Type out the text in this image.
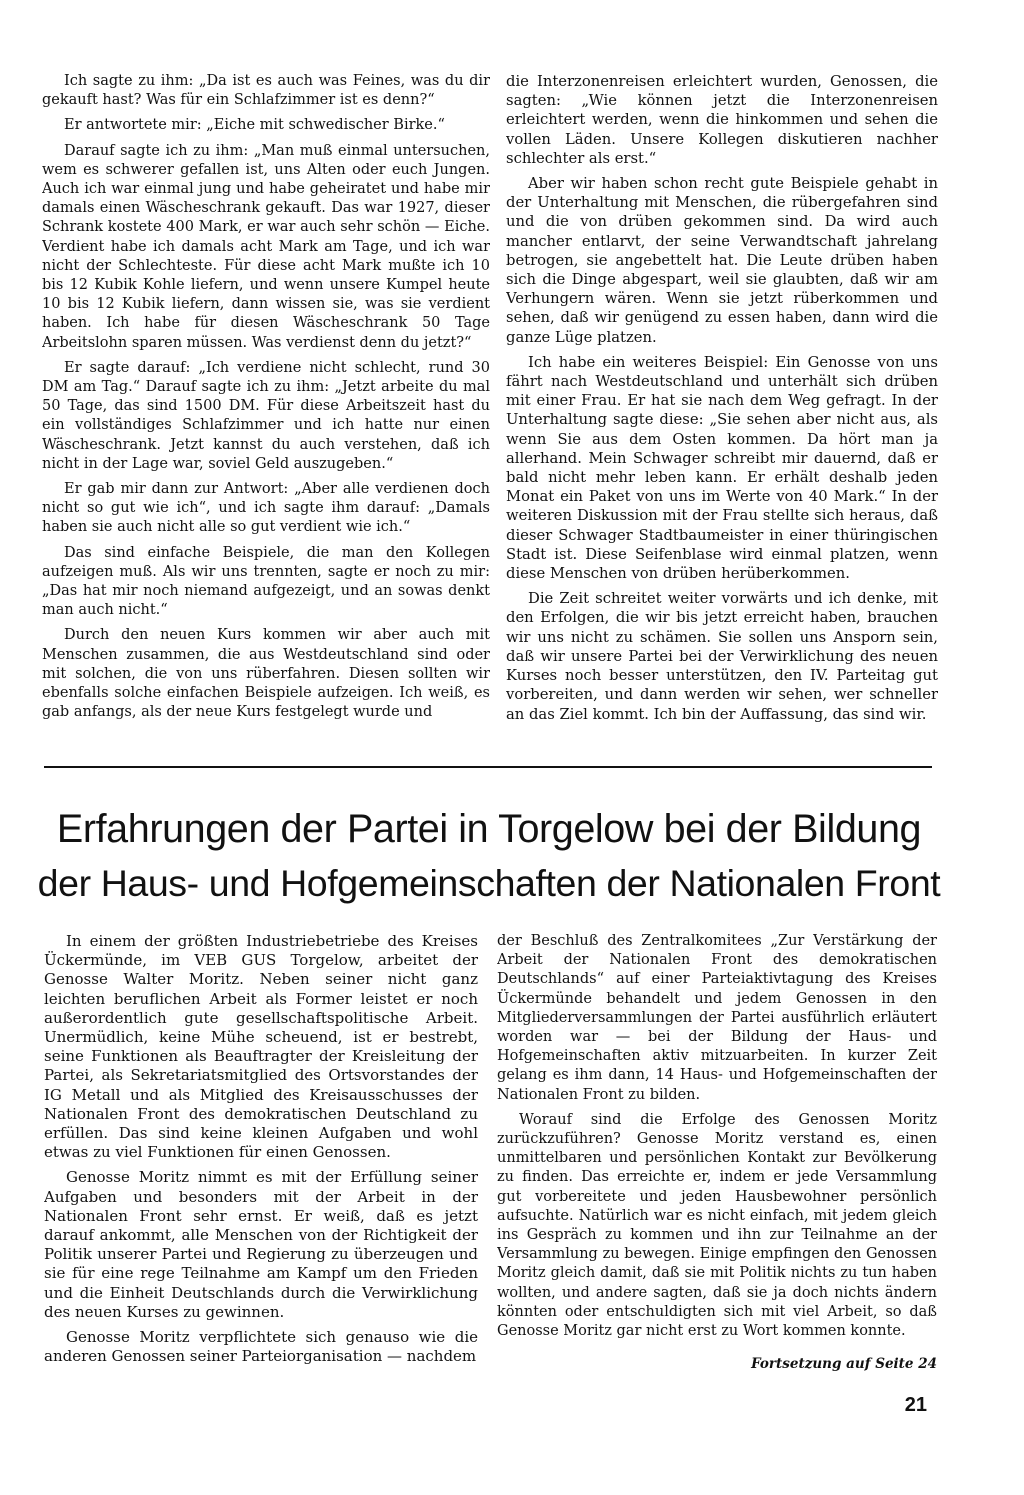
Ich sagte zu ihm: „Da ist es auch was Feines, was du dir gekauft hast? Was für ein Schlafzimmer ist es denn?“

Er antwortete mir: „Eiche mit schwedischer Birke.“

Darauf sagte ich zu ihm: „Man muß einmal untersuchen, wem es schwerer gefallen ist, uns Alten oder euch Jungen. Auch ich war einmal jung und habe geheiratet und habe mir damals einen Wäscheschrank gekauft. Das war 1927, dieser Schrank kostete 400 Mark, er war auch sehr schön — Eiche. Verdient habe ich damals acht Mark am Tage, und ich war nicht der Schlechteste. Für diese acht Mark mußte ich 10 bis 12 Kubik Kohle liefern, und wenn unsere Kumpel heute 10 bis 12 Kubik liefern, dann wissen sie, was sie verdient haben. Ich habe für diesen Wäscheschrank 50 Tage Arbeitslohn sparen müssen. Was verdienst denn du jetzt?“

Er sagte darauf: „Ich verdiene nicht schlecht, rund 30 DM am Tag.“ Darauf sagte ich zu ihm: „Jetzt arbeite du mal 50 Tage, das sind 1500 DM. Für diese Arbeitszeit hast du ein vollständiges Schlafzimmer und ich hatte nur einen Wäscheschrank. Jetzt kannst du auch verstehen, daß ich nicht in der Lage war, soviel Geld auszugeben.“

Er gab mir dann zur Antwort: „Aber alle verdienen doch nicht so gut wie ich“, und ich sagte ihm darauf: „Damals haben sie auch nicht alle so gut verdient wie ich.“

Das sind einfache Beispiele, die man den Kollegen aufzeigen muß. Als wir uns trennten, sagte er noch zu mir: „Das hat mir noch niemand aufgezeigt, und an sowas denkt man auch nicht.“

Durch den neuen Kurs kommen wir aber auch mit Menschen zusammen, die aus Westdeutschland sind oder mit solchen, die von uns rüberfahren. Diesen sollten wir ebenfalls solche einfachen Beispiele aufzeigen. Ich weiß, es gab anfangs, als der neue Kurs festgelegt wurde und

die Interzonenreisen erleichtert wurden, Genossen, die sagten: „Wie können jetzt die Interzonenreisen erleichtert werden, wenn die hinkommen und sehen die vollen Läden. Unsere Kollegen diskutieren nachher schlechter als erst.“

Aber wir haben schon recht gute Beispiele gehabt in der Unterhaltung mit Menschen, die rübergefahren sind und die von drüben gekommen sind. Da wird auch mancher entlarvt, der seine Verwandtschaft jahrelang betrogen, sie angebettelt hat. Die Leute drüben haben sich die Dinge abgespart, weil sie glaubten, daß wir am Verhungern wären. Wenn sie jetzt rüberkommen und sehen, daß wir genügend zu essen haben, dann wird die ganze Lüge platzen.

Ich habe ein weiteres Beispiel: Ein Genosse von uns fährt nach Westdeutschland und unterhält sich drüben mit einer Frau. Er hat sie nach dem Weg gefragt. In der Unterhaltung sagte diese: „Sie sehen aber nicht aus, als wenn Sie aus dem Osten kommen. Da hört man ja allerhand. Mein Schwager schreibt mir dauernd, daß er bald nicht mehr leben kann. Er erhält deshalb jeden Monat ein Paket von uns im Werte von 40 Mark.“ In der weiteren Diskussion mit der Frau stellte sich heraus, daß dieser Schwager Stadtbaumeister in einer thüringischen Stadt ist. Diese Seifenblase wird einmal platzen, wenn diese Menschen von drüben herüberkommen.

Die Zeit schreitet weiter vorwärts und ich denke, mit den Erfolgen, die wir bis jetzt erreicht haben, brauchen wir uns nicht zu schämen. Sie sollen uns Ansporn sein, daß wir unsere Partei bei der Verwirklichung des neuen Kurses noch besser unterstützen, den IV. Parteitag gut vorbereiten, und dann werden wir sehen, wer schneller an das Ziel kommt. Ich bin der Auffassung, das sind wir.

Erfahrungen der Partei in Torgelow bei der Bildung
der Haus- und Hofgemeinschaften der Nationalen Front

In einem der größten Industriebetriebe des Kreises Ückermünde, im VEB GUS Torgelow, arbeitet der Genosse Walter Moritz. Neben seiner nicht ganz leichten beruflichen Arbeit als Former leistet er noch außerordentlich gute gesellschaftspolitische Arbeit. Unermüdlich, keine Mühe scheuend, ist er bestrebt, seine Funktionen als Beauftragter der Kreisleitung der Partei, als Sekretariatsmitglied des Ortsvorstandes der IG Metall und als Mitglied des Kreisausschusses der Nationalen Front des demokratischen Deutschland zu erfüllen. Das sind keine kleinen Aufgaben und wohl etwas zu viel Funktionen für einen Genossen.

Genosse Moritz nimmt es mit der Erfüllung seiner Aufgaben und besonders mit der Arbeit in der Nationalen Front sehr ernst. Er weiß, daß es jetzt darauf ankommt, alle Menschen von der Richtigkeit der Politik unserer Partei und Regierung zu überzeugen und sie für eine rege Teilnahme am Kampf um den Frieden und die Einheit Deutschlands durch die Verwirklichung des neuen Kurses zu gewinnen.

Genosse Moritz verpflichtete sich genauso wie die anderen Genossen seiner Parteiorganisation — nachdem

der Beschluß des Zentralkomitees „Zur Verstärkung der Arbeit der Nationalen Front des demokratischen Deutschlands“ auf einer Parteiaktivtagung des Kreises Ückermünde behandelt und jedem Genossen in den Mitgliederversammlungen der Partei ausführlich erläutert worden war — bei der Bildung der Haus- und Hofgemeinschaften aktiv mitzuarbeiten. In kurzer Zeit gelang es ihm dann, 14 Haus- und Hofgemeinschaften der Nationalen Front zu bilden.

Worauf sind die Erfolge des Genossen Moritz zurückzuführen? Genosse Moritz verstand es, einen unmittelbaren und persönlichen Kontakt zur Bevölkerung zu finden. Das erreichte er, indem er jede Versammlung gut vorbereitete und jeden Hausbewohner persönlich aufsuchte. Natürlich war es nicht einfach, mit jedem gleich ins Gespräch zu kommen und ihn zur Teilnahme an der Versammlung zu bewegen. Einige empfingen den Genossen Moritz gleich damit, daß sie mit Politik nichts zu tun haben wollten, und andere sagten, daß sie ja doch nichts ändern könnten oder entschuldigten sich mit viel Arbeit, so daß Genosse Moritz gar nicht erst zu Wort kommen konnte.

Fortsetzung auf Seite 24
21
